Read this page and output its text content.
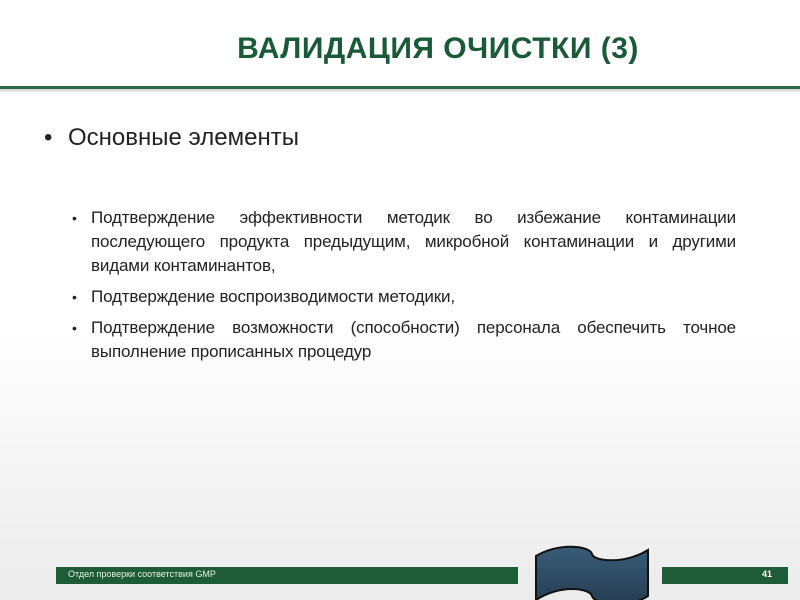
ВАЛИДАЦИЯ ОЧИСТКИ (3)
• Основные элементы
• Подтверждение эффективности методик во избежание контаминации последующего продукта предыдущим, микробной контаминации и другими видами контаминантов,
• Подтверждение воспроизводимости методики,
• Подтверждение возможности (способности) персонала обеспечить точное выполнение прописанных процедур
Отдел проверки соответствия GMP	41
